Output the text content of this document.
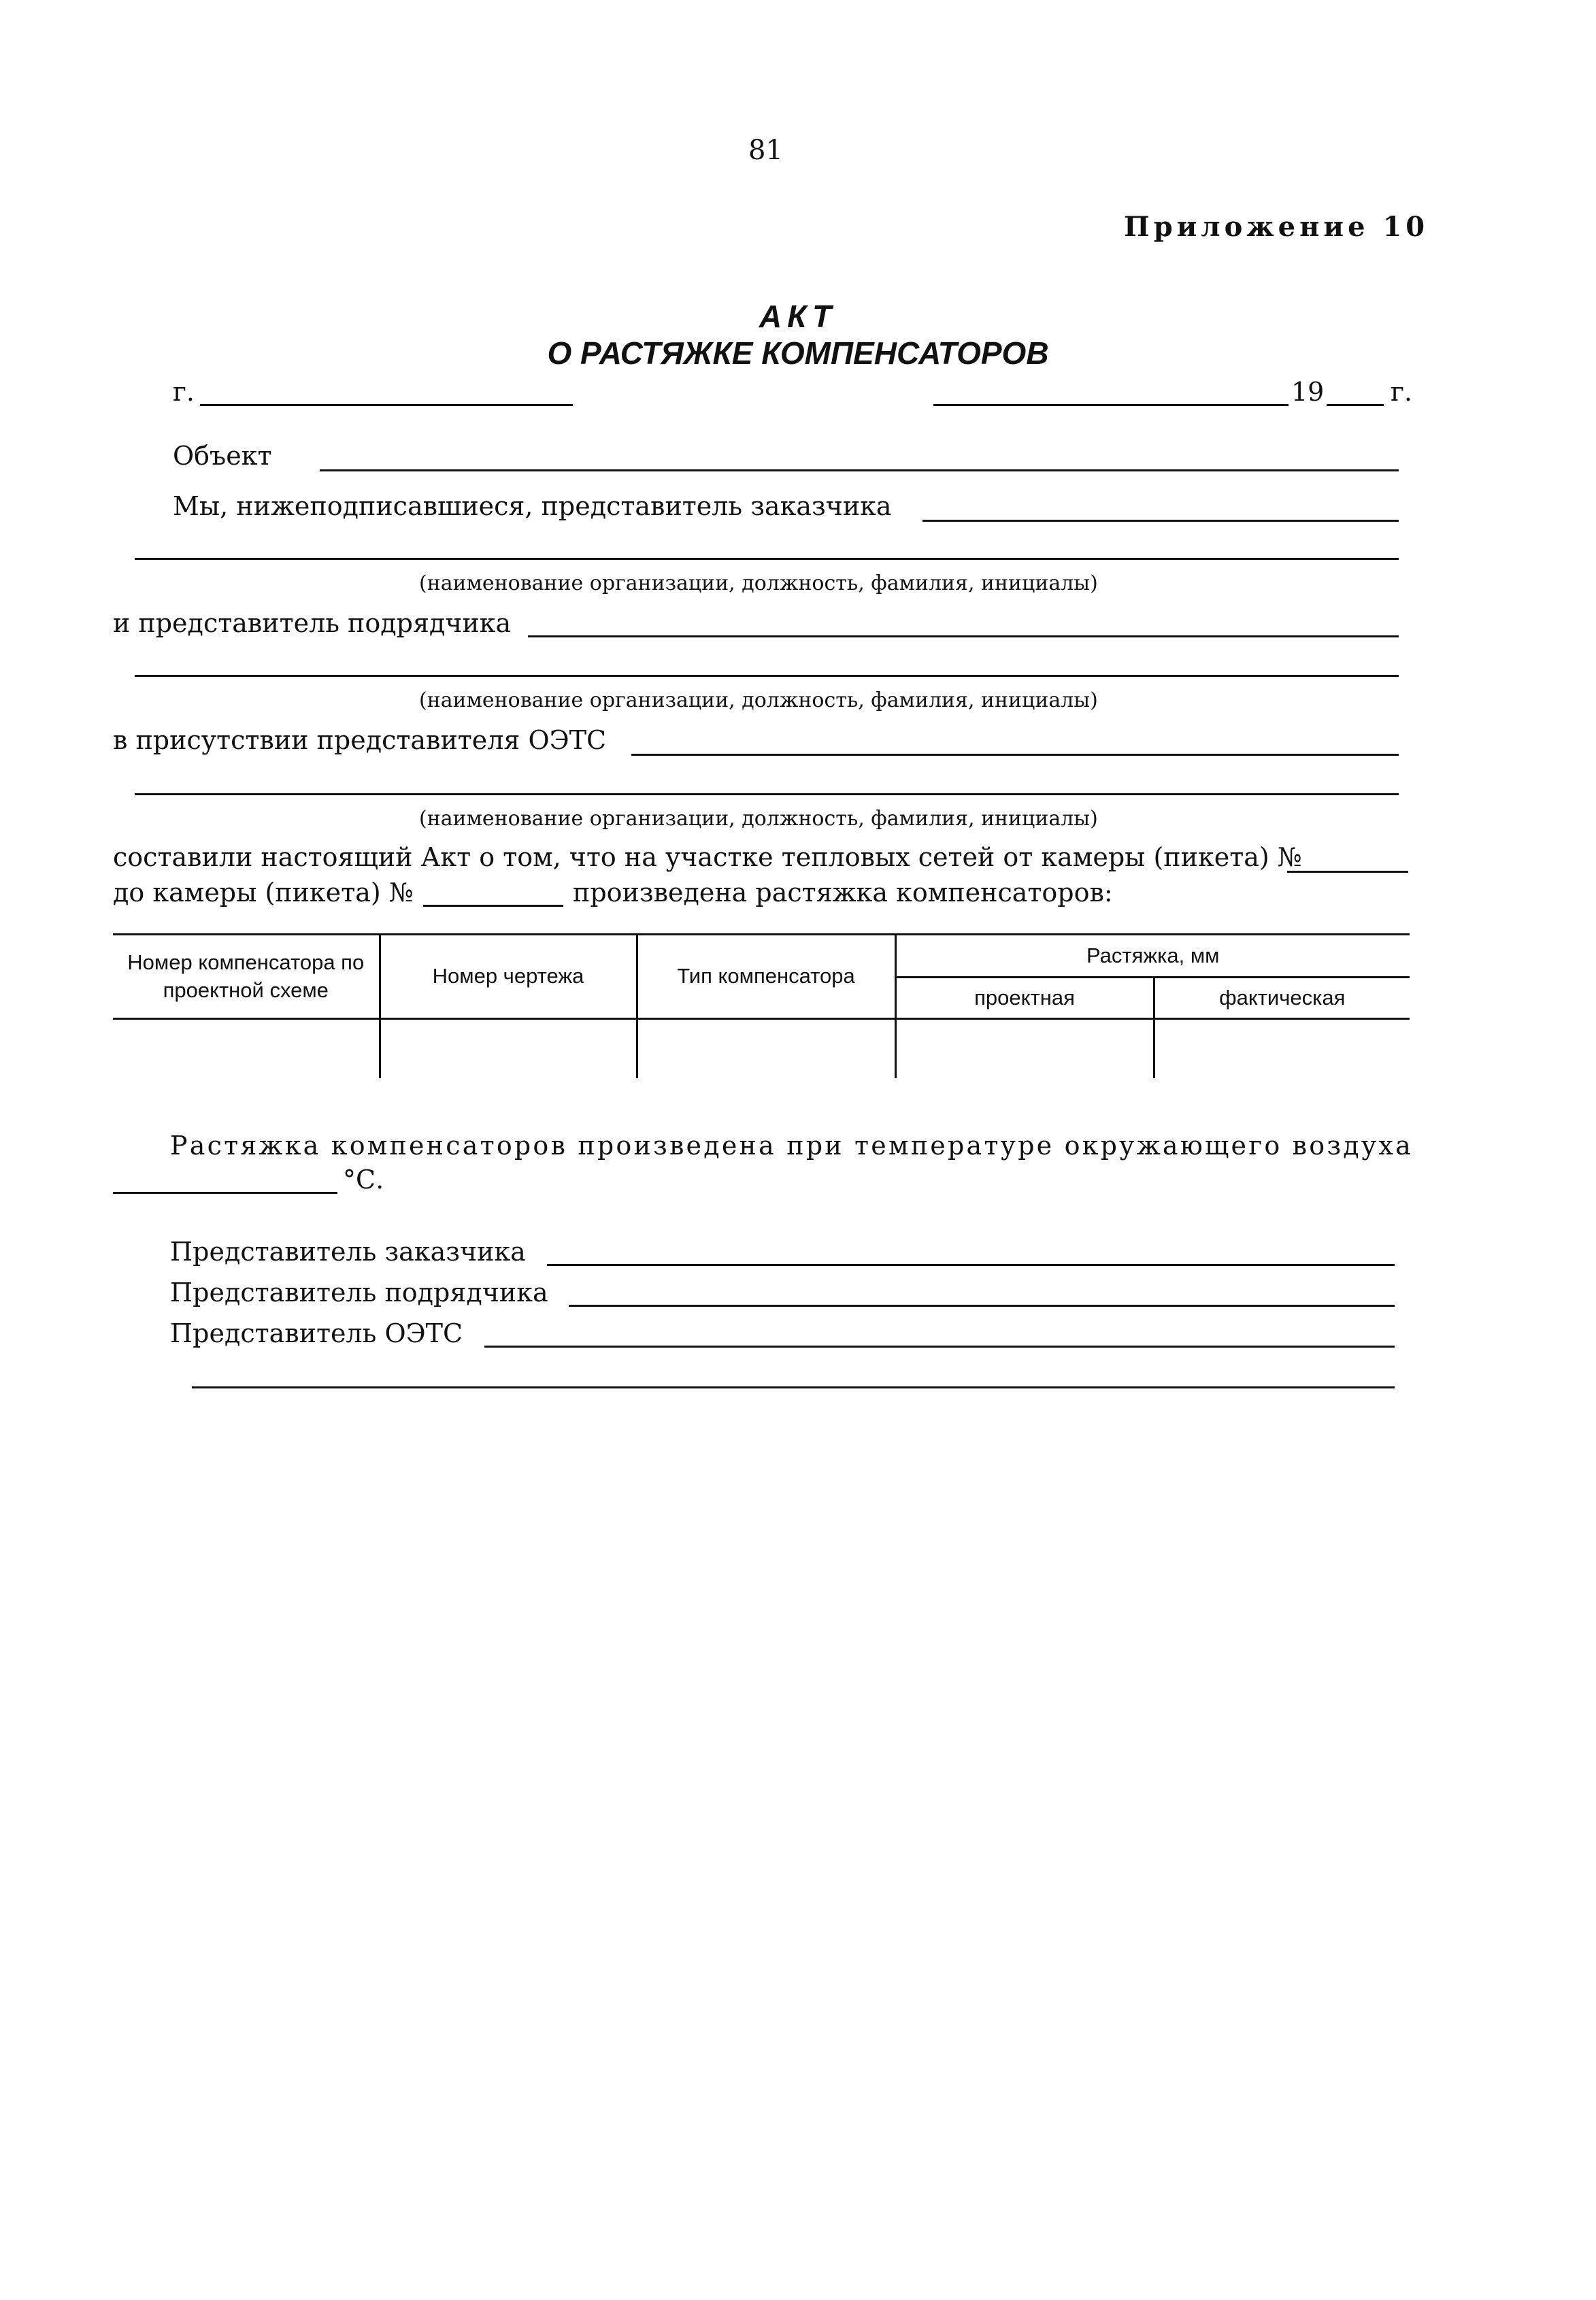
81
Приложение 10
АКТ
О РАСТЯЖКЕ КОМПЕНСАТОРОВ
г.	19	г.
Объект
Мы, нижеподписавшиеся, представитель заказчика
(наименование организации, должность, фамилия, инициалы)
и представитель подрядчика
(наименование организации, должность, фамилия, инициалы)
в присутствии представителя ОЭТС
(наименование организации, должность, фамилия, инициалы)
составили настоящий Акт о том, что на участке тепловых сетей от камеры (пикета) №
до камеры (пикета) №	произведена растяжка компенсаторов:
Номер компенсатора по проектной схеме	Номер чертежа	Тип компенсатора	Растяжка, мм	
			проектная	фактическая

Растяжка компенсаторов произведена при температуре окружающего воздуха
°С.
Представитель заказчика
Представитель подрядчика
Представитель ОЭТС
